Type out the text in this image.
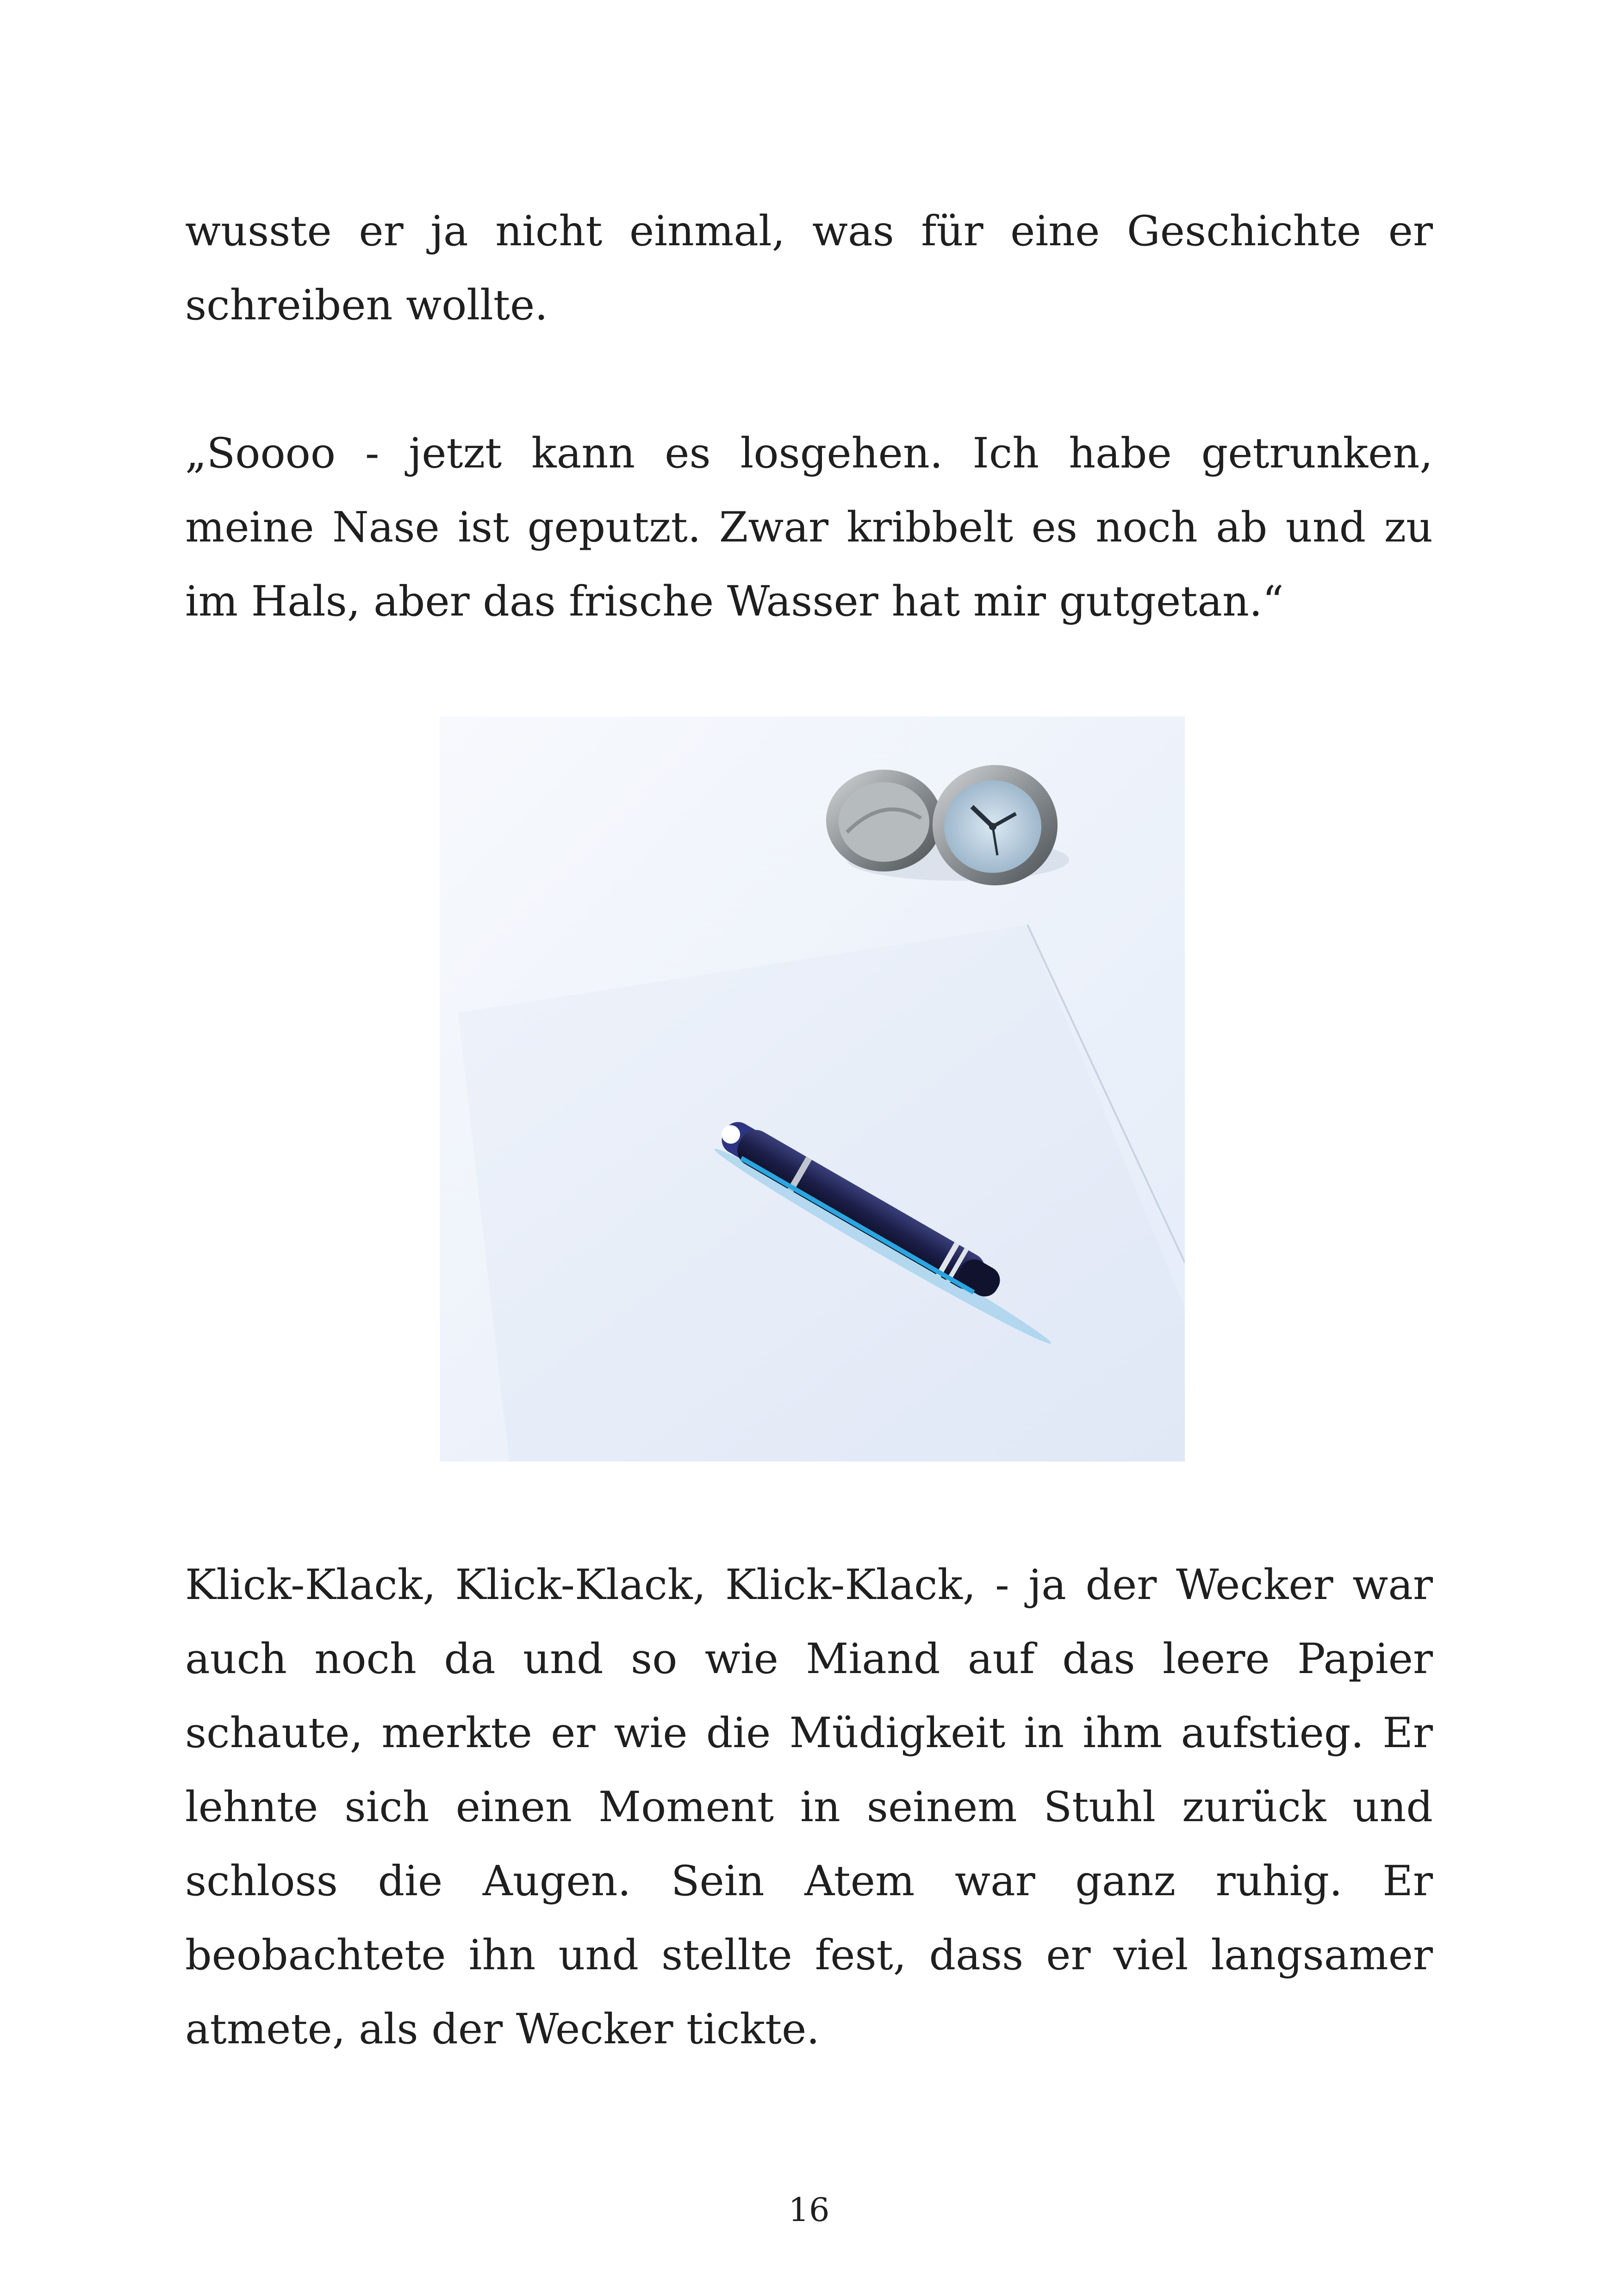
wusste er ja nicht einmal, was für eine Geschichte er schreiben wollte.

„Soooo - jetzt kann es losgehen. Ich habe getrunken, meine Nase ist geputzt. Zwar kribbelt es noch ab und zu im Hals, aber das frische Wasser hat mir gutgetan.“

Klick-Klack, Klick-Klack, Klick-Klack, - ja der Wecker war auch noch da und so wie Miand auf das leere Papier schaute, merkte er wie die Müdigkeit in ihm aufstieg. Er lehnte sich einen Moment in seinem Stuhl zurück und schloss die Augen. Sein Atem war ganz ruhig. Er beobachtete ihn und stellte fest, dass er viel langsamer atmete, als der Wecker tickte.

16
